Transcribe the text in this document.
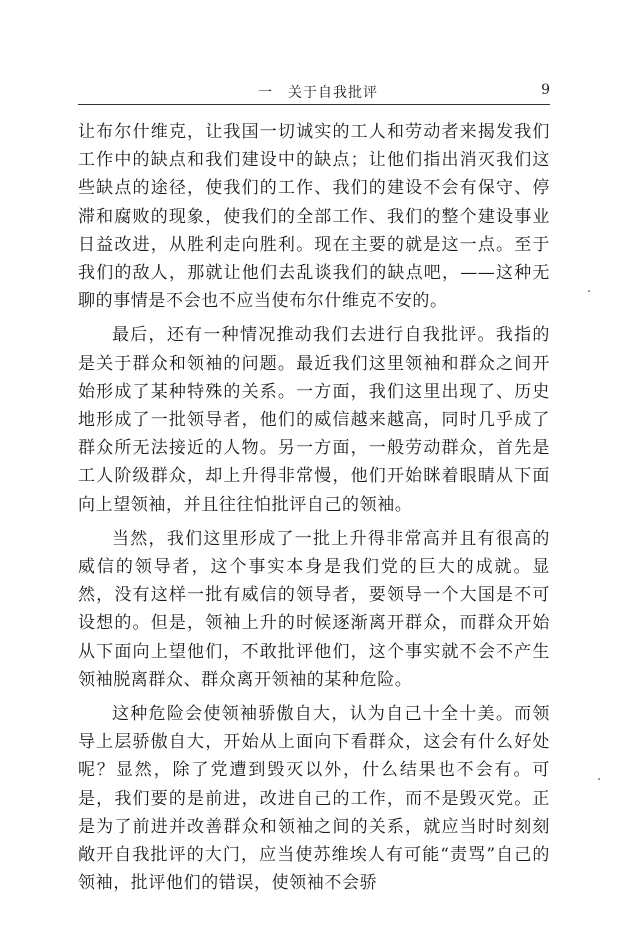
一　关于自我批评	9

让布尔什维克，让我国一切诚实的工人和劳动者来揭发我们工作中的缺点和我们建设中的缺点；让他们指出消灭我们这些缺点的途径，使我们的工作、我们的建设不会有保守、停滞和腐败的现象，使我们的全部工作、我们的整个建设事业日益改进，从胜利走向胜利。现在主要的就是这一点。至于我们的敌人，那就让他们去乱谈我们的缺点吧，——这种无聊的事情是不会也不应当使布尔什维克不安的。

最后，还有一种情况推动我们去进行自我批评。我指的是关于群众和领袖的问题。最近我们这里领袖和群众之间开始形成了某种特殊的关系。一方面，我们这里出现了、历史地形成了一批领导者，他们的威信越来越高，同时几乎成了群众所无法接近的人物。另一方面，一般劳动群众，首先是工人阶级群众，却上升得非常慢，他们开始眯着眼睛从下面向上望领袖，并且往往怕批评自己的领袖。

当然，我们这里形成了一批上升得非常高并且有很高的威信的领导者，这个事实本身是我们党的巨大的成就。显然，没有这样一批有威信的领导者，要领导一个大国是不可设想的。但是，领袖上升的时候逐渐离开群众，而群众开始从下面向上望他们，不敢批评他们，这个事实就不会不产生领袖脱离群众、群众离开领袖的某种危险。

这种危险会使领袖骄傲自大，认为自己十全十美。而领导上层骄傲自大，开始从上面向下看群众，这会有什么好处呢？显然，除了党遭到毁灭以外，什么结果也不会有。可是，我们要的是前进，改进自己的工作，而不是毁灭党。正是为了前进并改善群众和领袖之间的关系，就应当时时刻刻敞开自我批评的大门，应当使苏维埃人有可能“责骂”自己的领袖，批评他们的错误，使领袖不会骄
